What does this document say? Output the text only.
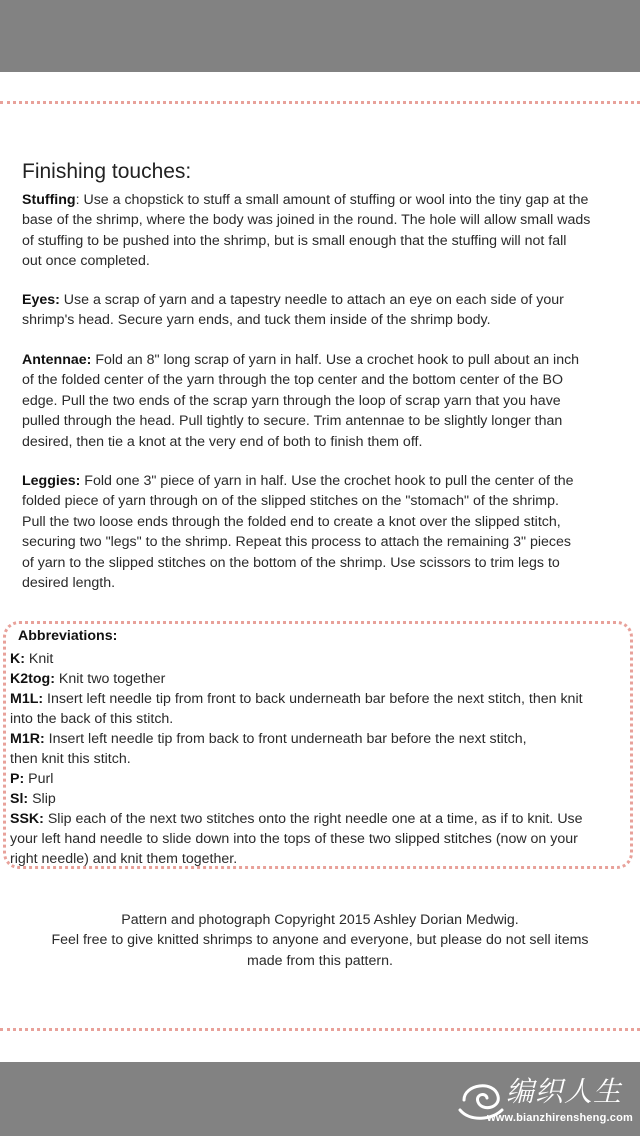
Finishing touches:
Stuffing: Use a chopstick to stuff a small amount of stuffing or wool into the tiny gap at the
base of the shrimp, where the body was joined in the round. The hole will allow small wads
of stuffing to be pushed into the shrimp, but is small enough that the stuffing will not fall
out once completed.
Eyes: Use a scrap of yarn and a tapestry needle to attach an eye on each side of your
shrimp's head. Secure yarn ends, and tuck them inside of the shrimp body.
Antennae: Fold an 8" long scrap of yarn in half. Use a crochet hook to pull about an inch
of the folded center of the yarn through the top center and the bottom center of the BO
edge. Pull the two ends of the scrap yarn through the loop of scrap yarn that you have
pulled through the head. Pull tightly to secure. Trim antennae to be slightly longer than
desired, then tie a knot at the very end of both to finish them off.
Leggies: Fold one 3" piece of yarn in half. Use the crochet hook to pull the center of the
folded piece of yarn through on of the slipped stitches on the "stomach" of the shrimp.
Pull the two loose ends through the folded end to create a knot over the slipped stitch,
securing two "legs" to the shrimp. Repeat this process to attach the remaining 3" pieces
of yarn to the slipped stitches on the bottom of the shrimp. Use scissors to trim legs to
desired length.
Abbreviations:
K: Knit
K2tog: Knit two together
M1L: Insert left needle tip from front to back underneath bar before the next stitch, then knit
into the back of this stitch.
M1R: Insert left needle tip from back to front underneath bar before the next stitch,
then knit this stitch.
P: Purl
Sl: Slip
SSK: Slip each of the next two stitches onto the right needle one at a time, as if to knit. Use
your left hand needle to slide down into the tops of these two slipped stitches (now on your
right needle) and knit them together.
Pattern and photograph Copyright 2015 Ashley Dorian Medwig.
Feel free to give knitted shrimps to anyone and everyone, but please do not sell items
made from this pattern.
编织人生
www.bianzhirensheng.com
